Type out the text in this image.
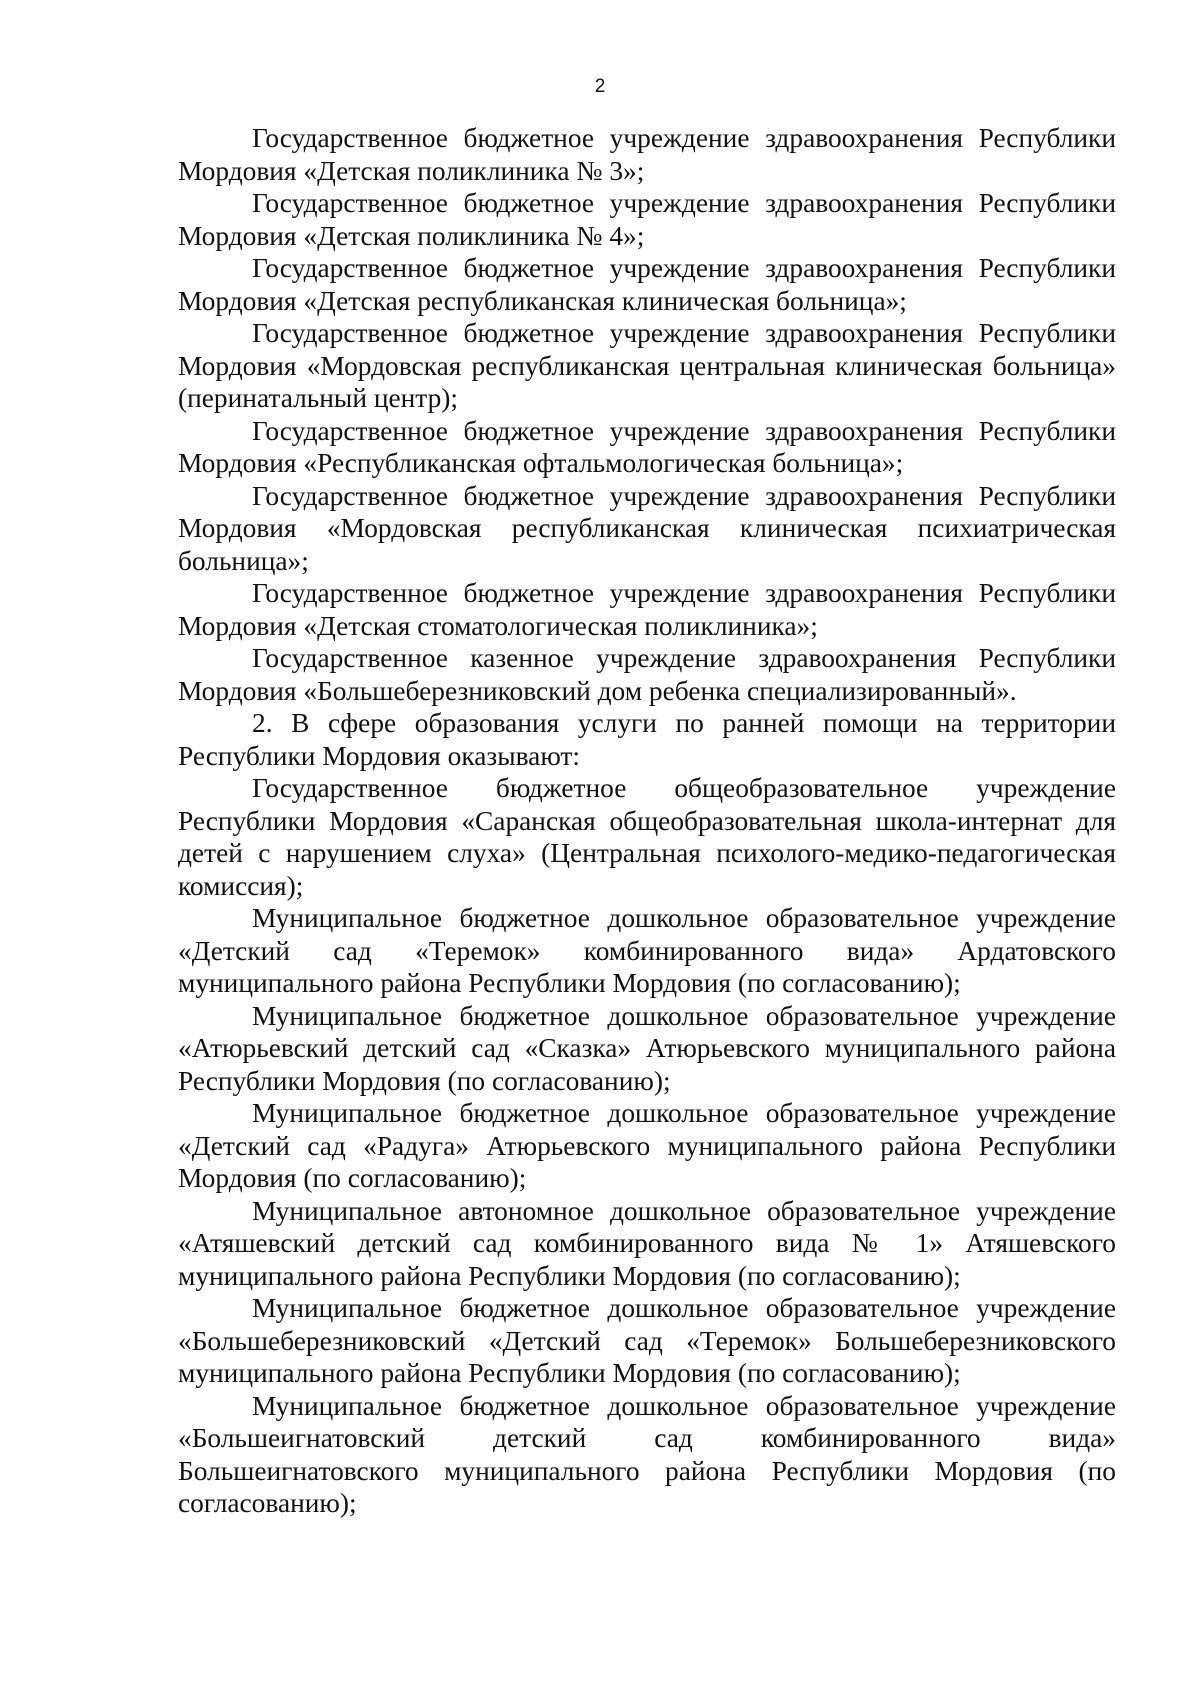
2

Государственное бюджетное учреждение здравоохранения Республики Мордовия «Детская поликлиника № 3»;

Государственное бюджетное учреждение здравоохранения Республики Мордовия «Детская поликлиника № 4»;

Государственное бюджетное учреждение здравоохранения Республики Мордовия «Детская республиканская клиническая больница»;

Государственное бюджетное учреждение здравоохранения Республики Мордовия «Мордовская республиканская центральная клиническая больница» (перинатальный центр);

Государственное бюджетное учреждение здравоохранения Республики Мордовия «Республиканская офтальмологическая больница»;

Государственное бюджетное учреждение здравоохранения Республики Мордовия «Мордовская республиканская клиническая психиатрическая больница»;

Государственное бюджетное учреждение здравоохранения Республики Мордовия «Детская стоматологическая поликлиника»;

Государственное казенное учреждение здравоохранения Республики Мордовия «Большеберезниковский дом ребенка специализированный».

2. В сфере образования услуги по ранней помощи на территории Республики Мордовия оказывают:

Государственное бюджетное общеобразовательное учреждение Республики Мордовия «Саранская общеобразовательная школа-интернат для детей с нарушением слуха» (Центральная психолого-медико-педагогическая комиссия);

Муниципальное бюджетное дошкольное образовательное учреждение «Детский сад «Теремок» комбинированного вида» Ардатовского муниципального района Республики Мордовия (по согласованию);

Муниципальное бюджетное дошкольное образовательное учреждение «Атюрьевский детский сад «Сказка» Атюрьевского муниципального района Республики Мордовия (по согласованию);

Муниципальное бюджетное дошкольное образовательное учреждение «Детский сад «Радуга» Атюрьевского муниципального района Республики Мордовия (по согласованию);

Муниципальное автономное дошкольное образовательное учреждение «Атяшевский детский сад комбинированного вида № 1» Атяшевского муниципального района Республики Мордовия (по согласованию);

Муниципальное бюджетное дошкольное образовательное учреждение «Большеберезниковский «Детский сад «Теремок» Большеберезниковского муниципального района Республики Мордовия (по согласованию);

Муниципальное бюджетное дошкольное образовательное учреждение «Большеигнатовский детский сад комбинированного вида» Большеигнатовского муниципального района Республики Мордовия (по согласованию);
